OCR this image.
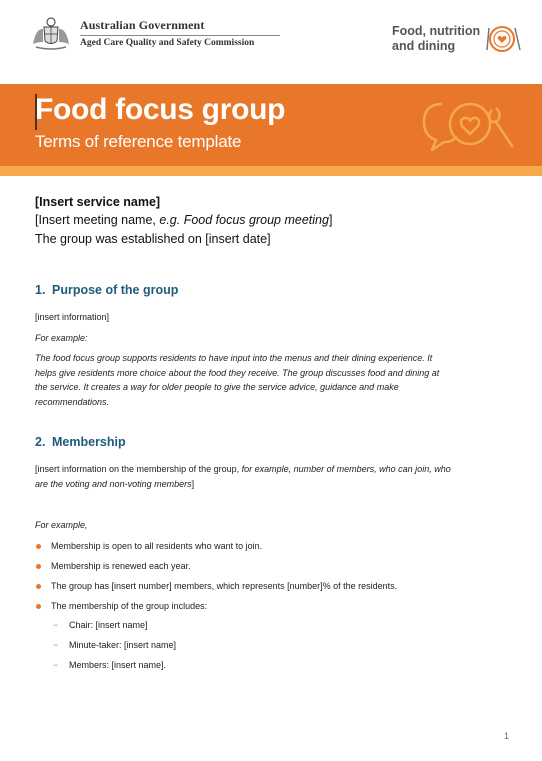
Australian Government
Aged Care Quality and Safety Commission
Food, nutrition
and dining
Food focus group
Terms of reference template
[Insert service name]
[Insert meeting name, e.g. Food focus group meeting]
The group was established on [insert date]
1. Purpose of the group
[insert information]
For example:
The food focus group supports residents to have input into the menus and their dining experience. It
helps give residents more choice about the food they receive. The group discusses food and dining at
the service. It creates a way for older people to give the service advice, guidance and make
recommendations.
2. Membership
[insert information on the membership of the group, for example, number of members, who can join, who
are the voting and non-voting members]
For example,
Membership is open to all residents who want to join.
Membership is renewed each year.
The group has [insert number] members, which represents [number]% of the residents.
The membership of the group includes:
− Chair: [insert name]
− Minute-taker: [insert name]
− Members: [insert name].
1
